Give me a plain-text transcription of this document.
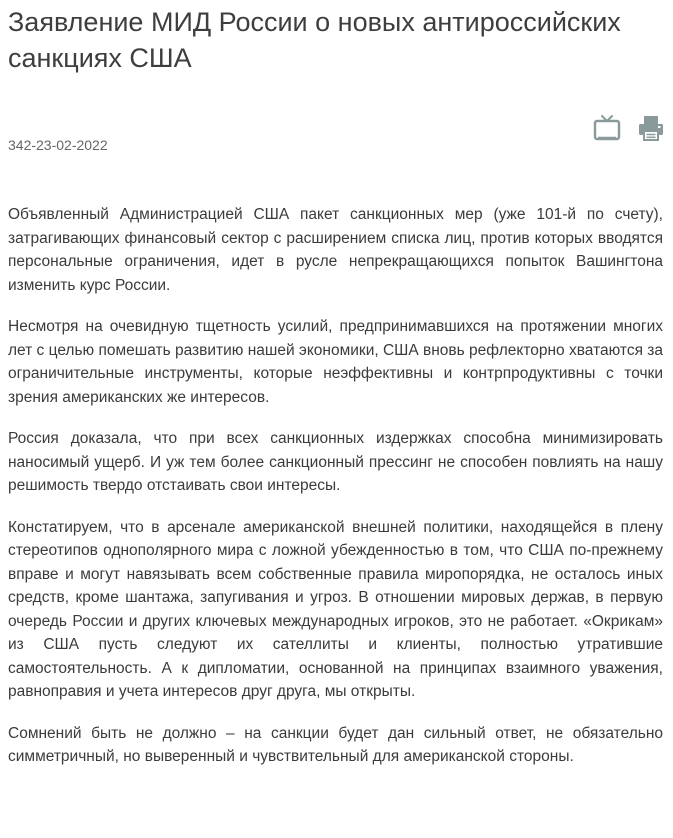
Заявление МИД России о новых антироссийских санкциях США
342-23-02-2022

Объявленный Администрацией США пакет санкционных мер (уже 101-й по счету), затрагивающих финансовый сектор с расширением списка лиц, против которых вводятся персональные ограничения, идет в русле непрекращающихся попыток Вашингтона изменить курс России.

Несмотря на очевидную тщетность усилий, предпринимавшихся на протяжении многих лет с целью помешать развитию нашей экономики, США вновь рефлекторно хватаются за ограничительные инструменты, которые неэффективны и контрпродуктивны с точки зрения американских же интересов.

Россия доказала, что при всех санкционных издержках способна минимизировать наносимый ущерб. И уж тем более санкционный прессинг не способен повлиять на нашу решимость твердо отстаивать свои интересы.

Констатируем, что в арсенале американской внешней политики, находящейся в плену стереотипов однополярного мира с ложной убежденностью в том, что США по-прежнему вправе и могут навязывать всем собственные правила миропорядка, не осталось иных средств, кроме шантажа, запугивания и угроз. В отношении мировых держав, в первую очередь России и других ключевых международных игроков, это не работает. «Окрикам» из США пусть следуют их сателлиты и клиенты, полностью утратившие самостоятельность. А к дипломатии, основанной на принципах взаимного уважения, равноправия и учета интересов друг друга, мы открыты.

Сомнений быть не должно – на санкции будет дан сильный ответ, не обязательно симметричный, но выверенный и чувствительный для американской стороны.
